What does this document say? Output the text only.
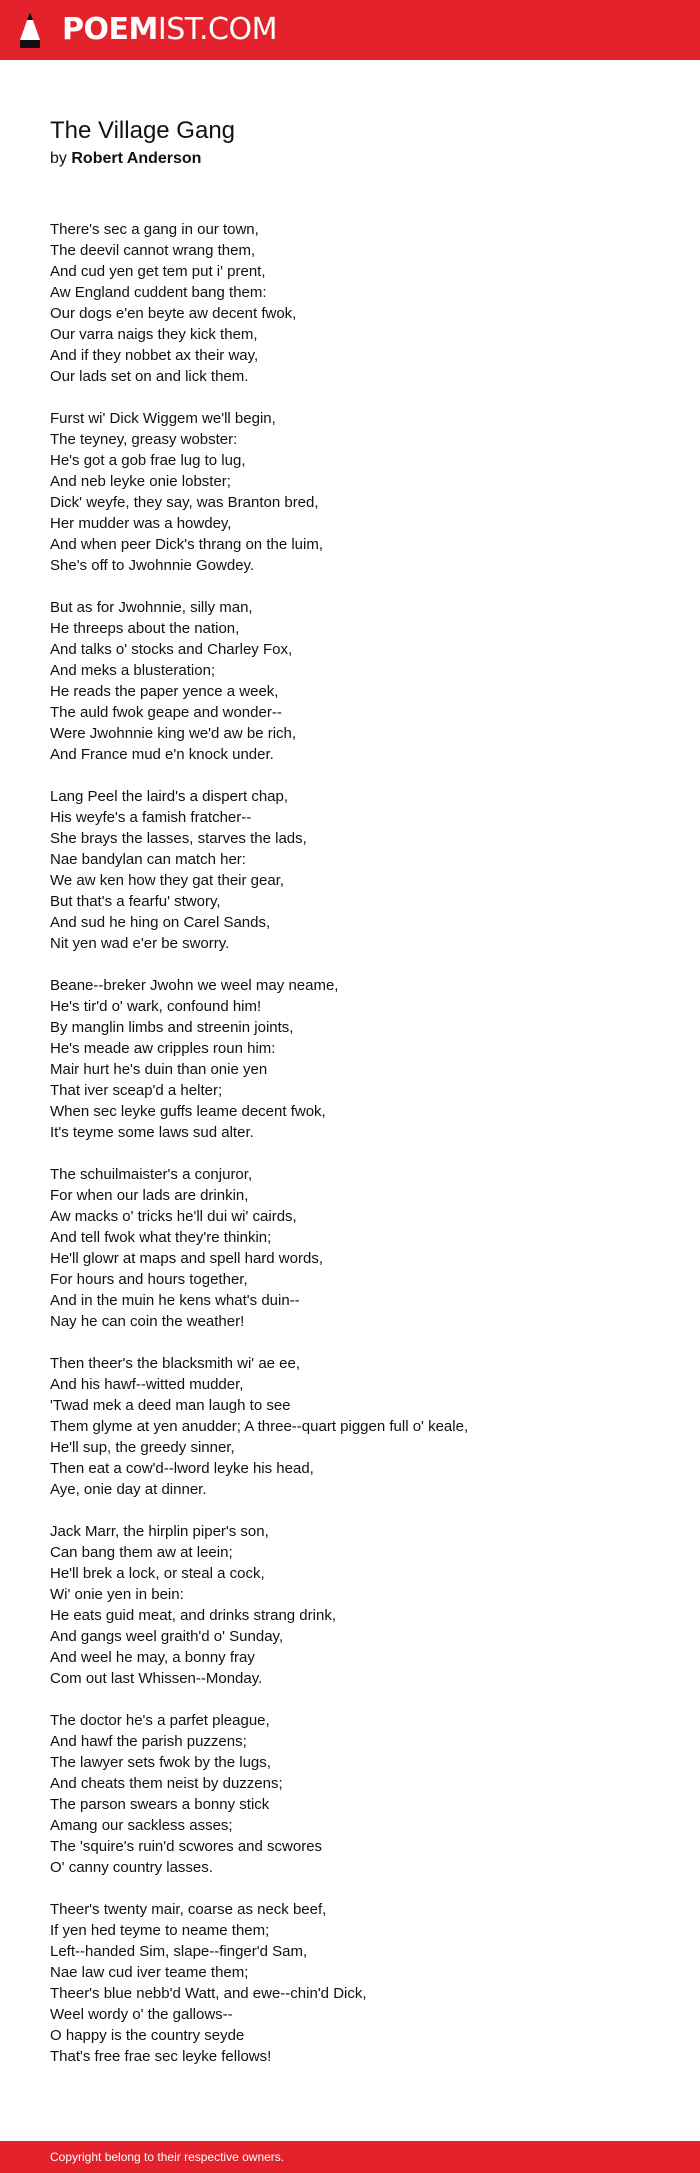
POEMIST.COM
The Village Gang
by Robert Anderson
There's sec a gang in our town,
The deevil cannot wrang them,
And cud yen get tem put i' prent,
Aw England cuddent bang them:
Our dogs e'en beyte aw decent fwok,
Our varra naigs they kick them,
And if they nobbet ax their way,
Our lads set on and lick them.
Furst wi' Dick Wiggem we'll begin,
The teyney, greasy wobster:
He's got a gob frae lug to lug,
And neb leyke onie lobster;
Dick' weyfe, they say, was Branton bred,
Her mudder was a howdey,
And when peer Dick's thrang on the luim,
She's off to Jwohnnie Gowdey.
But as for Jwohnnie, silly man,
He threeps about the nation,
And talks o' stocks and Charley Fox,
And meks a blusteration;
He reads the paper yence a week,
The auld fwok geape and wonder--
Were Jwohnnie king we'd aw be rich,
And France mud e'n knock under.
Lang Peel the laird's a dispert chap,
His weyfe's a famish fratcher--
She brays the lasses, starves the lads,
Nae bandylan can match her:
We aw ken how they gat their gear,
But that's a fearfu' stwory,
And sud he hing on Carel Sands,
Nit yen wad e'er be sworry.
Beane--breker Jwohn we weel may neame,
He's tir'd o' wark, confound him!
By manglin limbs and streenin joints,
He's meade aw cripples roun him:
Mair hurt he's duin than onie yen
That iver sceap'd a helter;
When sec leyke guffs leame decent fwok,
It's teyme some laws sud alter.
The schuilmaister's a conjuror,
For when our lads are drinkin,
Aw macks o' tricks he'll dui wi' cairds,
And tell fwok what they're thinkin;
He'll glowr at maps and spell hard words,
For hours and hours together,
And in the muin he kens what's duin--
Nay he can coin the weather!
Then theer's the blacksmith wi' ae ee,
And his hawf--witted mudder,
'Twad mek a deed man laugh to see
Them glyme at yen anudder; A three--quart piggen full o' keale,
He'll sup, the greedy sinner,
Then eat a cow'd--lword leyke his head,
Aye, onie day at dinner.
Jack Marr, the hirplin piper's son,
Can bang them aw at leein;
He'll brek a lock, or steal a cock,
Wi' onie yen in bein:
He eats guid meat, and drinks strang drink,
And gangs weel graith'd o' Sunday,
And weel he may, a bonny fray
Com out last Whissen--Monday.
The doctor he's a parfet pleague,
And hawf the parish puzzens;
The lawyer sets fwok by the lugs,
And cheats them neist by duzzens;
The parson swears a bonny stick
Amang our sackless asses;
The 'squire's ruin'd scwores and scwores
O' canny country lasses.
Theer's twenty mair, coarse as neck beef,
If yen hed teyme to neame them;
Left--handed Sim, slape--finger'd Sam,
Nae law cud iver teame them;
Theer's blue nebb'd Watt, and ewe--chin'd Dick,
Weel wordy o' the gallows--
O happy is the country seyde
That's free frae sec leyke fellows!
Copyright belong to their respective owners.
